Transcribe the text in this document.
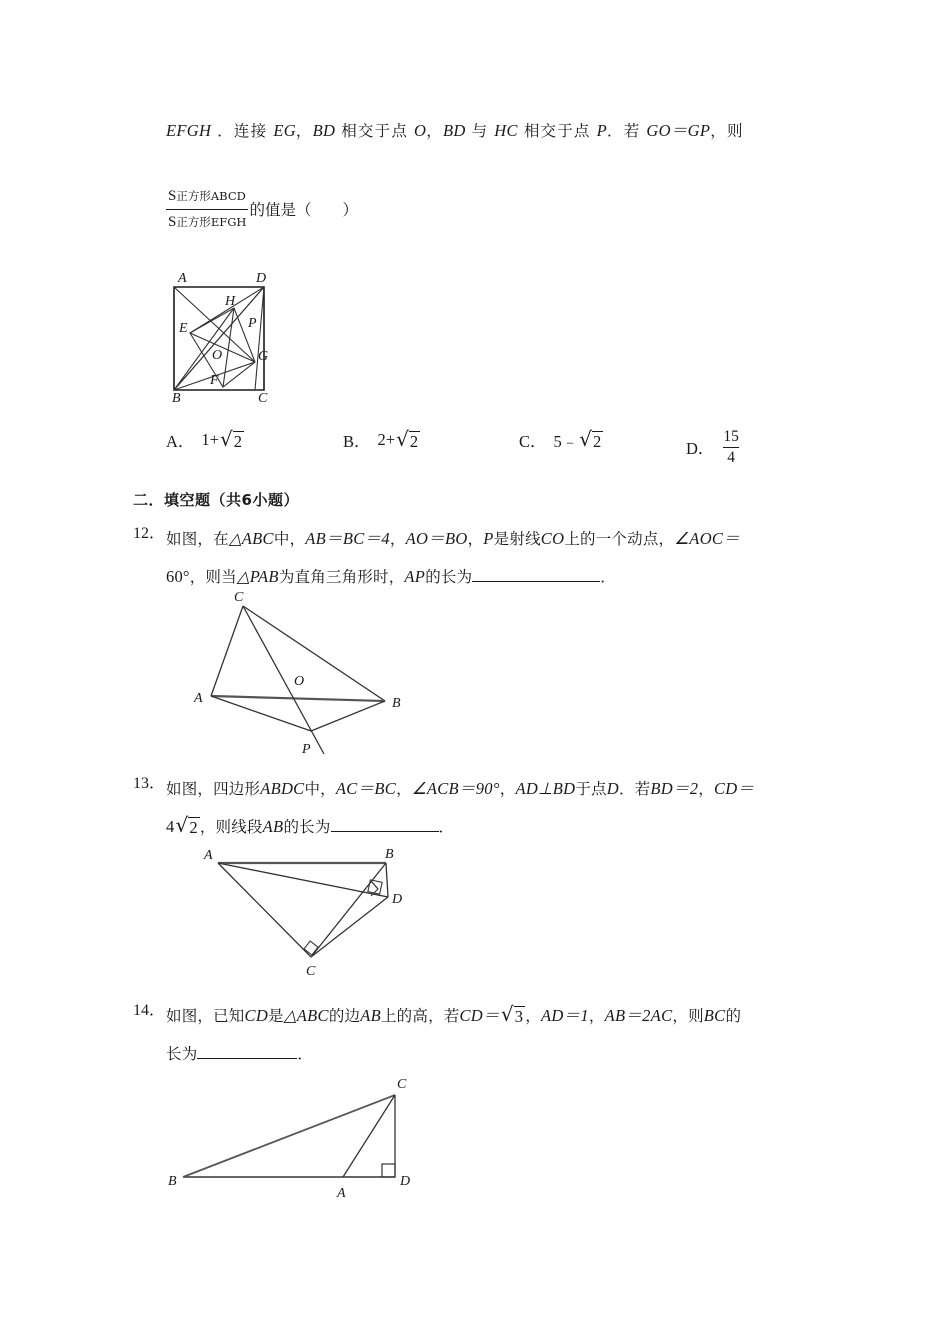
EFGH ．连接 EG，BD 相交于点 O，BD 与 HC 相交于点 P．若 GO＝GP，则
$\frac{\text{S正方形ABCD}}{\text{S正方形EFGH}}$ 的值是（　　）
A	D
B	C
E
H
P
O	G
F
A． 1+ √ 2	B． 2+ √ 2	C． 5﹣ √ 2	D．
15
4
二．填空题（共6小题）
12． 如图，在△ABC中，AB＝BC＝4，AO＝BO，P是射线CO上的一个动点，∠AOC＝
60°，则当△PAB为直角三角形时，AP的长为	．
C
A	B
O
P
13． 如图，四边形ABDC中，AC＝BC，∠ACB＝90°，AD⊥BD于点D．若BD＝2，CD＝
4 √ 2 ，则线段AB的长为	．
A	B
D
C
14． 如图，已知CD是△ABC的边AB上的高，若CD＝ √ 3 ，AD＝1，AB＝2AC，则BC的
长为	．
B
A
D
C
